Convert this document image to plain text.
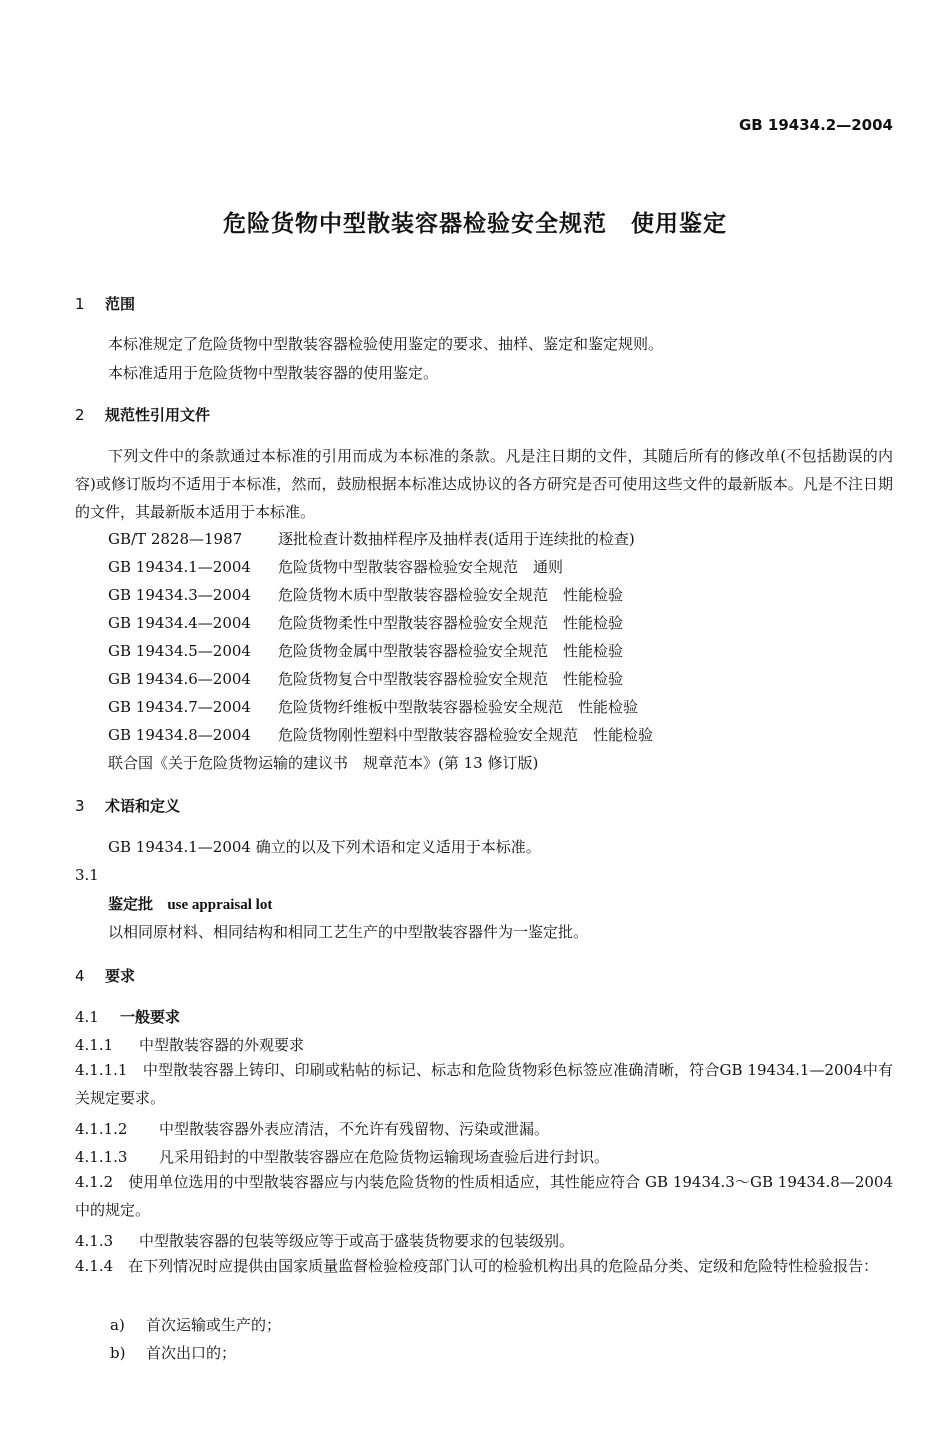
GB 19434.2—2004
危险货物中型散装容器检验安全规范　使用鉴定
1 范围
本标准规定了危险货物中型散装容器检验使用鉴定的要求、抽样、鉴定和鉴定规则。
本标准适用于危险货物中型散装容器的使用鉴定。
2 规范性引用文件
下列文件中的条款通过本标准的引用而成为本标准的条款。凡是注日期的文件，其随后所有的修改单(不包括勘误的内容)或修订版均不适用于本标准，然而，鼓励根据本标准达成协议的各方研究是否可使用这些文件的最新版本。凡是不注日期的文件，其最新版本适用于本标准。
GB/T 2828—1987 逐批检查计数抽样程序及抽样表(适用于连续批的检查)
GB 19434.1—2004 危险货物中型散装容器检验安全规范　通则
GB 19434.3—2004 危险货物木质中型散装容器检验安全规范　性能检验
GB 19434.4—2004 危险货物柔性中型散装容器检验安全规范　性能检验
GB 19434.5—2004 危险货物金属中型散装容器检验安全规范　性能检验
GB 19434.6—2004 危险货物复合中型散装容器检验安全规范　性能检验
GB 19434.7—2004 危险货物纤维板中型散装容器检验安全规范　性能检验
GB 19434.8—2004 危险货物刚性塑料中型散装容器检验安全规范　性能检验
联合国《关于危险货物运输的建议书　规章范本》(第 13 修订版)
3 术语和定义
GB 19434.1—2004 确立的以及下列术语和定义适用于本标准。
3.1
鉴定批 use appraisal lot
以相同原材料、相同结构和相同工艺生产的中型散装容器件为一鉴定批。
4 要求
4.1 一般要求
4.1.1 中型散装容器的外观要求
4.1.1.1　中型散装容器上铸印、印刷或粘帖的标记、标志和危险货物彩色标签应准确清晰，符合GB 19434.1—2004中有关规定要求。
4.1.1.2 中型散装容器外表应清洁，不允许有残留物、污染或泄漏。
4.1.1.3 凡采用铅封的中型散装容器应在危险货物运输现场查验后进行封识。
4.1.2　使用单位选用的中型散装容器应与内装危险货物的性质相适应，其性能应符合 GB 19434.3～GB 19434.8—2004 中的规定。
4.1.3 中型散装容器的包装等级应等于或高于盛装货物要求的包装级别。
4.1.4　在下列情况时应提供由国家质量监督检验检疫部门认可的检验机构出具的危险品分类、定级和危险特性检验报告：
a) 首次运输或生产的；
b) 首次出口的；
